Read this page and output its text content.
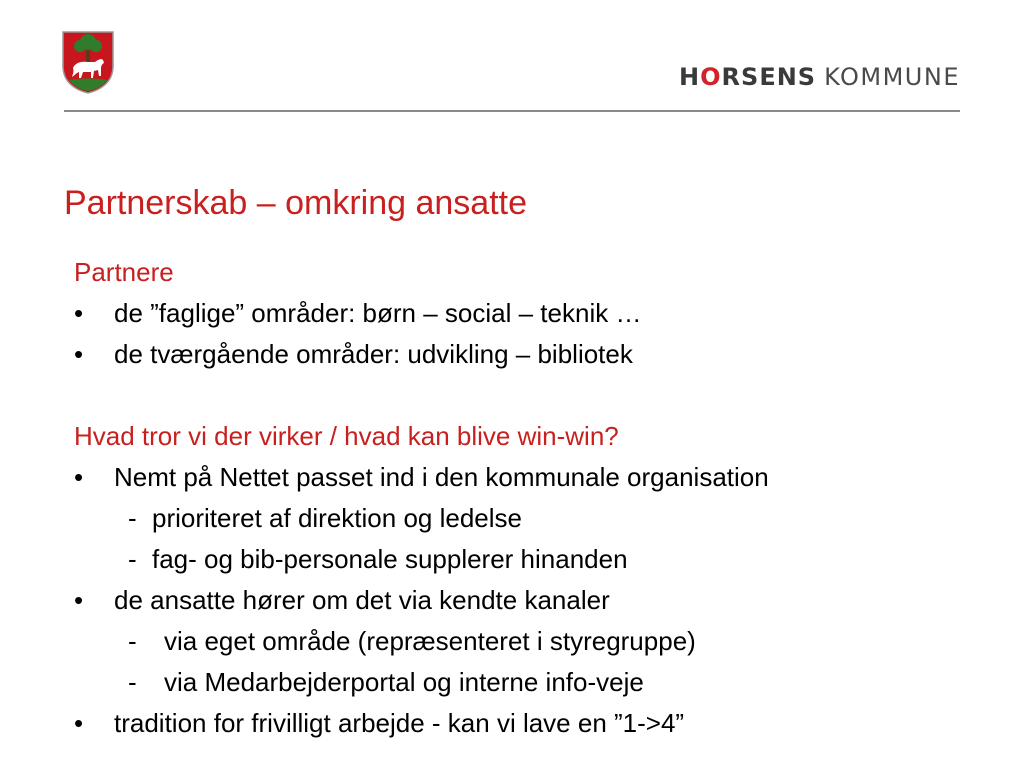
HORSENS KOMMUNE
Partnerskab – omkring ansatte
Partnere
•	de ”faglige” områder: børn – social – teknik …
•	de tværgående områder: udvikling – bibliotek
Hvad tror vi der virker / hvad kan blive win-win?
•	Nemt på Nettet passet ind i den kommunale organisation
- prioriteret af direktion og ledelse
- fag- og bib-personale supplerer hinanden
•	de ansatte hører om det via kendte kanaler
- via eget område (repræsenteret i styregruppe)
- via Medarbejderportal og interne info-veje
•	tradition for frivilligt arbejde - kan vi lave en ”1->4”
